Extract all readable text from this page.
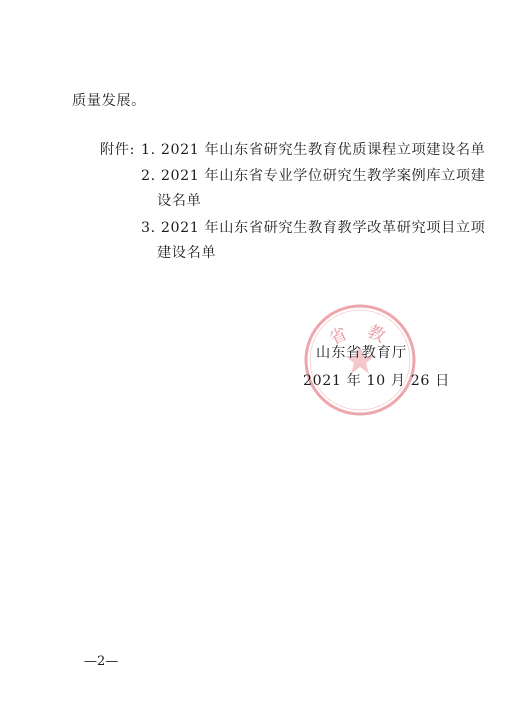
质量发展。
附件: 1. 2021 年山东省研究生教育优质课程立项建设名单
2. 2021 年山东省专业学位研究生教学案例库立项建
设名单
3. 2021 年山东省研究生教育教学改革研究项目立项
建设名单
省 教
山东省教育厅
2021 年 10 月 26 日
—2—
